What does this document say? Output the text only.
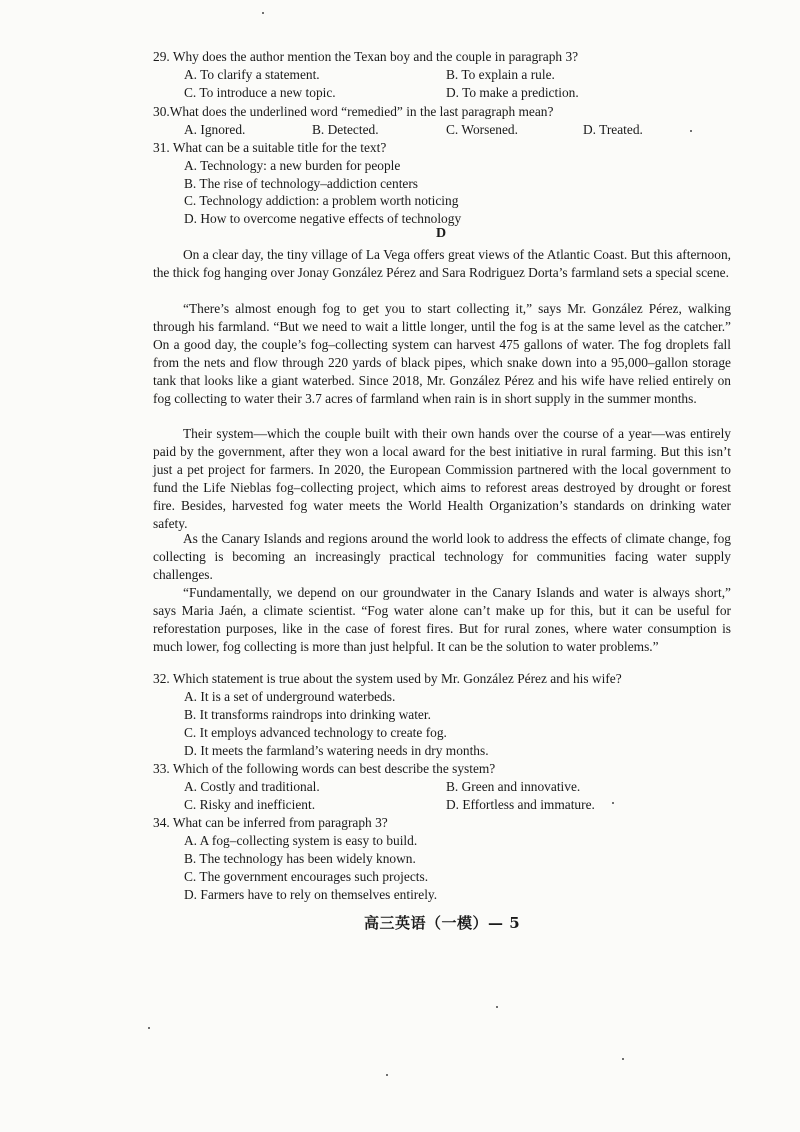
29. Why does the author mention the Texan boy and the couple in paragraph 3?
A. To clarify a statement.	B. To explain a rule.
C. To introduce a new topic.	D. To make a prediction.
30.What does the underlined word “remedied” in the last paragraph mean?
A. Ignored.	B. Detected.	C. Worsened.	D. Treated.
31. What can be a suitable title for the text?
A. Technology: a new burden for people
B. The rise of technology–addiction centers
C. Technology addiction: a problem worth noticing
D. How to overcome negative effects of technology
D

On a clear day, the tiny village of La Vega offers great views of the Atlantic Coast. But this afternoon, the thick fog hanging over Jonay González Pérez and Sara Rodriguez Dorta’s farmland sets a special scene.

“There’s almost enough fog to get you to start collecting it,” says Mr. González Pérez, walking through his farmland. “But we need to wait a little longer, until the fog is at the same level as the catcher.” On a good day, the couple’s fog–collecting system can harvest 475 gallons of water. The fog droplets fall from the nets and flow through 220 yards of black pipes, which snake down into a 95,000–gallon storage tank that looks like a giant waterbed. Since 2018, Mr. González Pérez and his wife have relied entirely on fog collecting to water their 3.7 acres of farmland when rain is in short supply in the summer months.

Their system—which the couple built with their own hands over the course of a year—was entirely paid by the government, after they won a local award for the best initiative in rural farming. But this isn’t just a pet project for farmers. In 2020, the European Commission partnered with the local government to fund the Life Nieblas fog–collecting project, which aims to reforest areas destroyed by drought or forest fire. Besides, harvested fog water meets the World Health Organization’s standards on drinking water safety.

As the Canary Islands and regions around the world look to address the effects of climate change, fog collecting is becoming an increasingly practical technology for communities facing water supply challenges.

“Fundamentally, we depend on our groundwater in the Canary Islands and water is always short,” says Maria Jaén, a climate scientist. “Fog water alone can’t make up for this, but it can be useful for reforestation purposes, like in the case of forest fires. But for rural zones, where water consumption is much lower, fog collecting is more than just helpful. It can be the solution to water problems.”

32. Which statement is true about the system used by Mr. González Pérez and his wife?
A. It is a set of underground waterbeds.
B. It transforms raindrops into drinking water.
C. It employs advanced technology to create fog.
D. It meets the farmland’s watering needs in dry months.
33. Which of the following words can best describe the system?
A. Costly and traditional.	B. Green and innovative.
C. Risky and inefficient.	D. Effortless and immature.
34. What can be inferred from paragraph 3?
A. A fog–collecting system is easy to build.
B. The technology has been widely known.
C. The government encourages such projects.
D. Farmers have to rely on themselves entirely.
高三英语（一模）— 5
